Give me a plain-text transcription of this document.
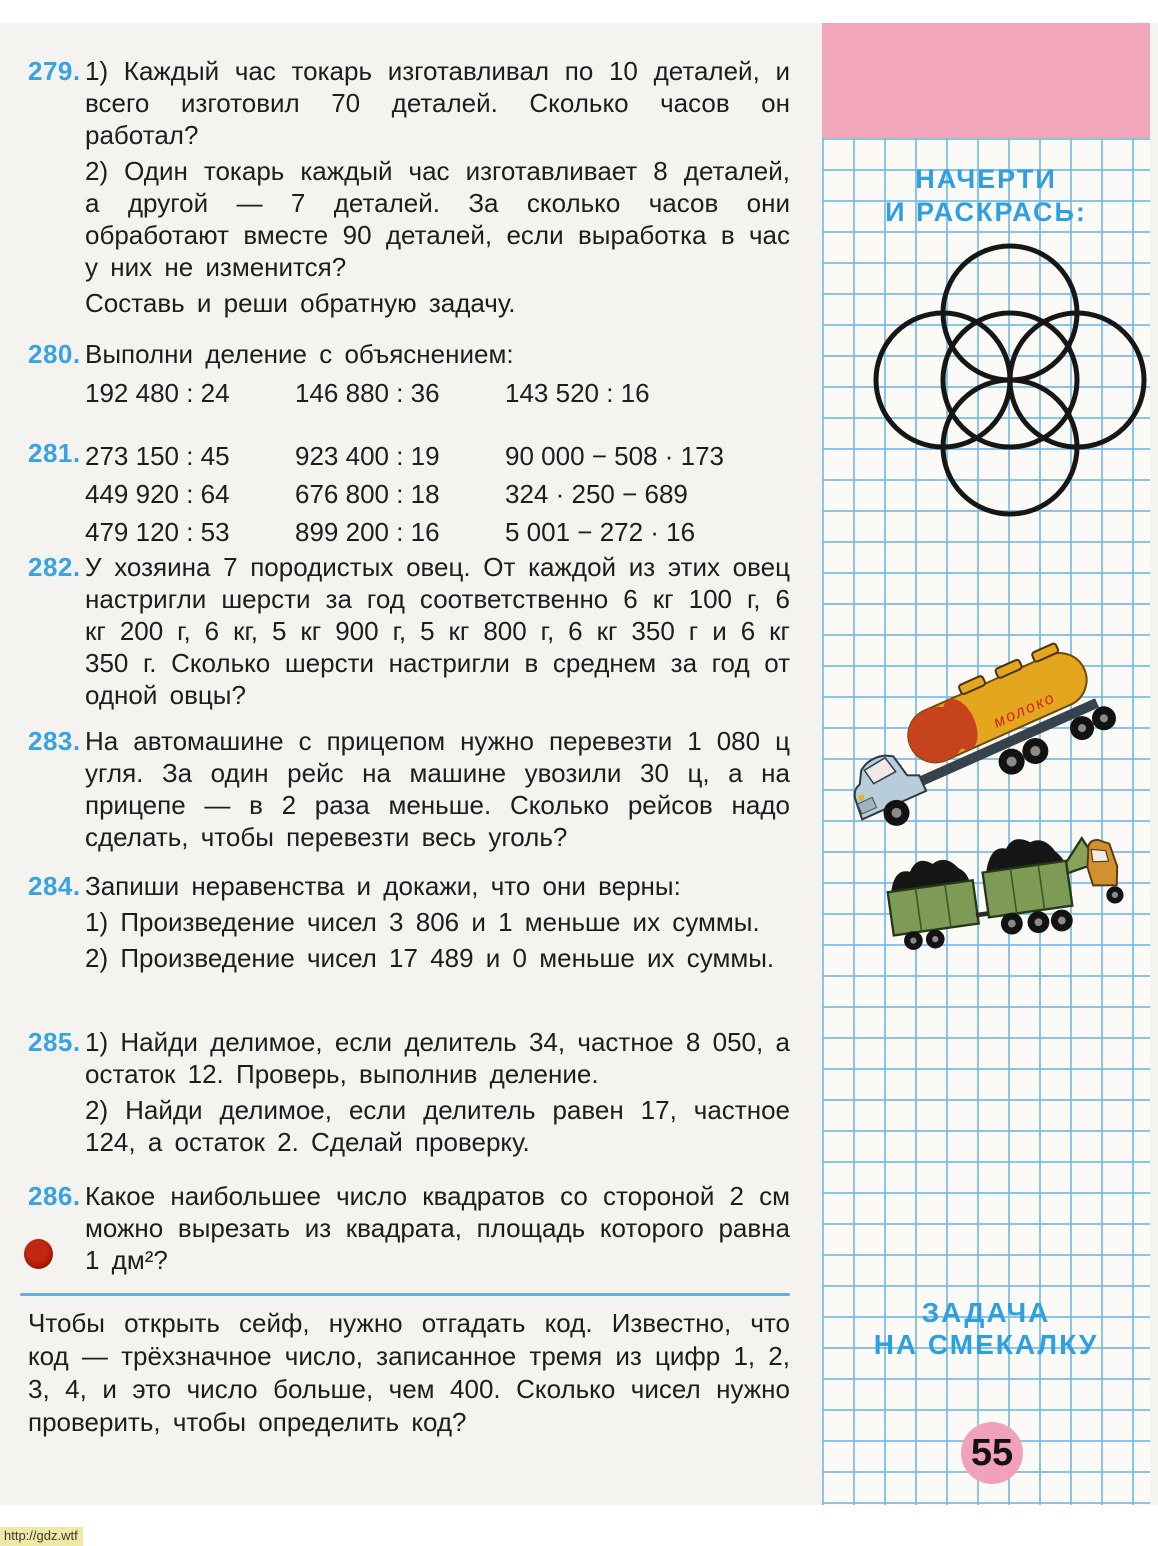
279. 1) Каждый час токарь изготавливал по 10 деталей, и всего изготовил 70 деталей. Сколько часов он работал?

2) Один токарь каждый час изготавливает 8 деталей, а другой — 7 деталей. За сколько часов они обработают вместе 90 деталей, если выработка в час у них не изменится?

Составь и реши обратную задачу.

280. Выполни деление с объяснением:

192 480 : 24	146 880 : 36	143 520 : 16
281. 273 150 : 45	923 400 : 19	90 000 − 508 · 173
449 920 : 64	676 800 : 18	324 · 250 − 689
479 120 : 53	899 200 : 16	5 001 − 272 · 16
282. У хозяина 7 породистых овец. От каждой из этих овец настригли шерсти за год соответственно 6 кг 100 г, 6 кг 200 г, 6 кг, 5 кг 900 г, 5 кг 800 г, 6 кг 350 г и 6 кг 350 г. Сколько шерсти настригли в среднем за год от одной овцы?

283. На автомашине с прицепом нужно перевезти 1 080 ц угля. За один рейс на машине увозили 30 ц, а на прицепе — в 2 раза меньше. Сколько рейсов надо сделать, чтобы перевезти весь уголь?

284. Запиши неравенства и докажи, что они верны:

1) Произведение чисел 3 806 и 1 меньше их суммы.

2) Произведение чисел 17 489 и 0 меньше их суммы.

285. 1) Найди делимое, если делитель 34, частное 8 050, а остаток 12. Проверь, выполнив деление.

2) Найди делимое, если делитель равен 17, частное 124, а остаток 2. Сделай проверку.

286. Какое наибольшее число квадратов со стороной 2 см можно вырезать из квадрата, площадь которого равна 1 дм²?

Чтобы открыть сейф, нужно отгадать код. Известно, что код — трёхзначное число, записанное тремя из цифр 1, 2, 3, 4, и это число больше, чем 400. Сколько чисел нужно проверить, чтобы определить код?

НАЧЕРТИ
И РАСКРАСЬ:
молоко
ЗАДАЧА
НА СМЕКАЛКУ
55
http://gdz.wtf
